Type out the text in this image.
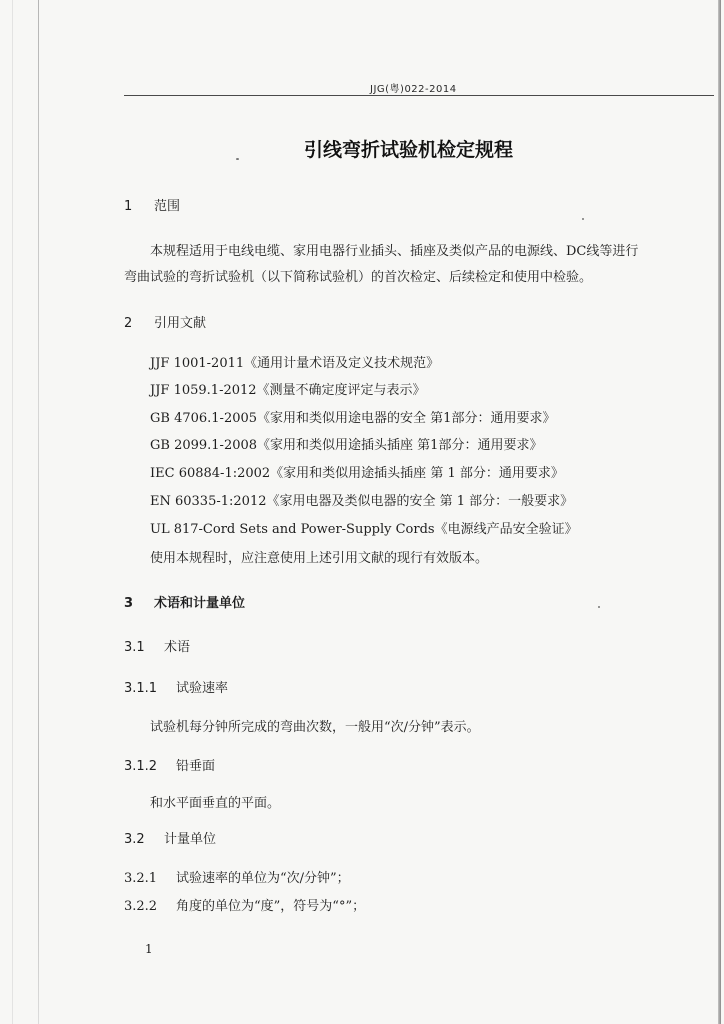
JJG(粤)022-2014
引线弯折试验机检定规程
1 范围
本规程适用于电线电缆、家用电器行业插头、插座及类似产品的电源线、DC线等进行
弯曲试验的弯折试验机（以下简称试验机）的首次检定、后续检定和使用中检验。
2 引用文献
JJF 1001-2011《通用计量术语及定义技术规范》
JJF 1059.1-2012《测量不确定度评定与表示》
GB 4706.1-2005《家用和类似用途电器的安全 第1部分：通用要求》
GB 2099.1-2008《家用和类似用途插头插座 第1部分：通用要求》
IEC 60884-1:2002《家用和类似用途插头插座 第 1 部分：通用要求》
EN 60335-1:2012《家用电器及类似电器的安全 第 1 部分：一般要求》
UL 817-Cord Sets and Power-Supply Cords《电源线产品安全验证》
使用本规程时，应注意使用上述引用文献的现行有效版本。
3 术语和计量单位
3.1 术语
3.1.1 试验速率
试验机每分钟所完成的弯曲次数，一般用“次/分钟”表示。
3.1.2 铅垂面
和水平面垂直的平面。
3.2 计量单位
3.2.1 试验速率的单位为“次/分钟”；
3.2.2 角度的单位为“度”，符号为“°”；
1
